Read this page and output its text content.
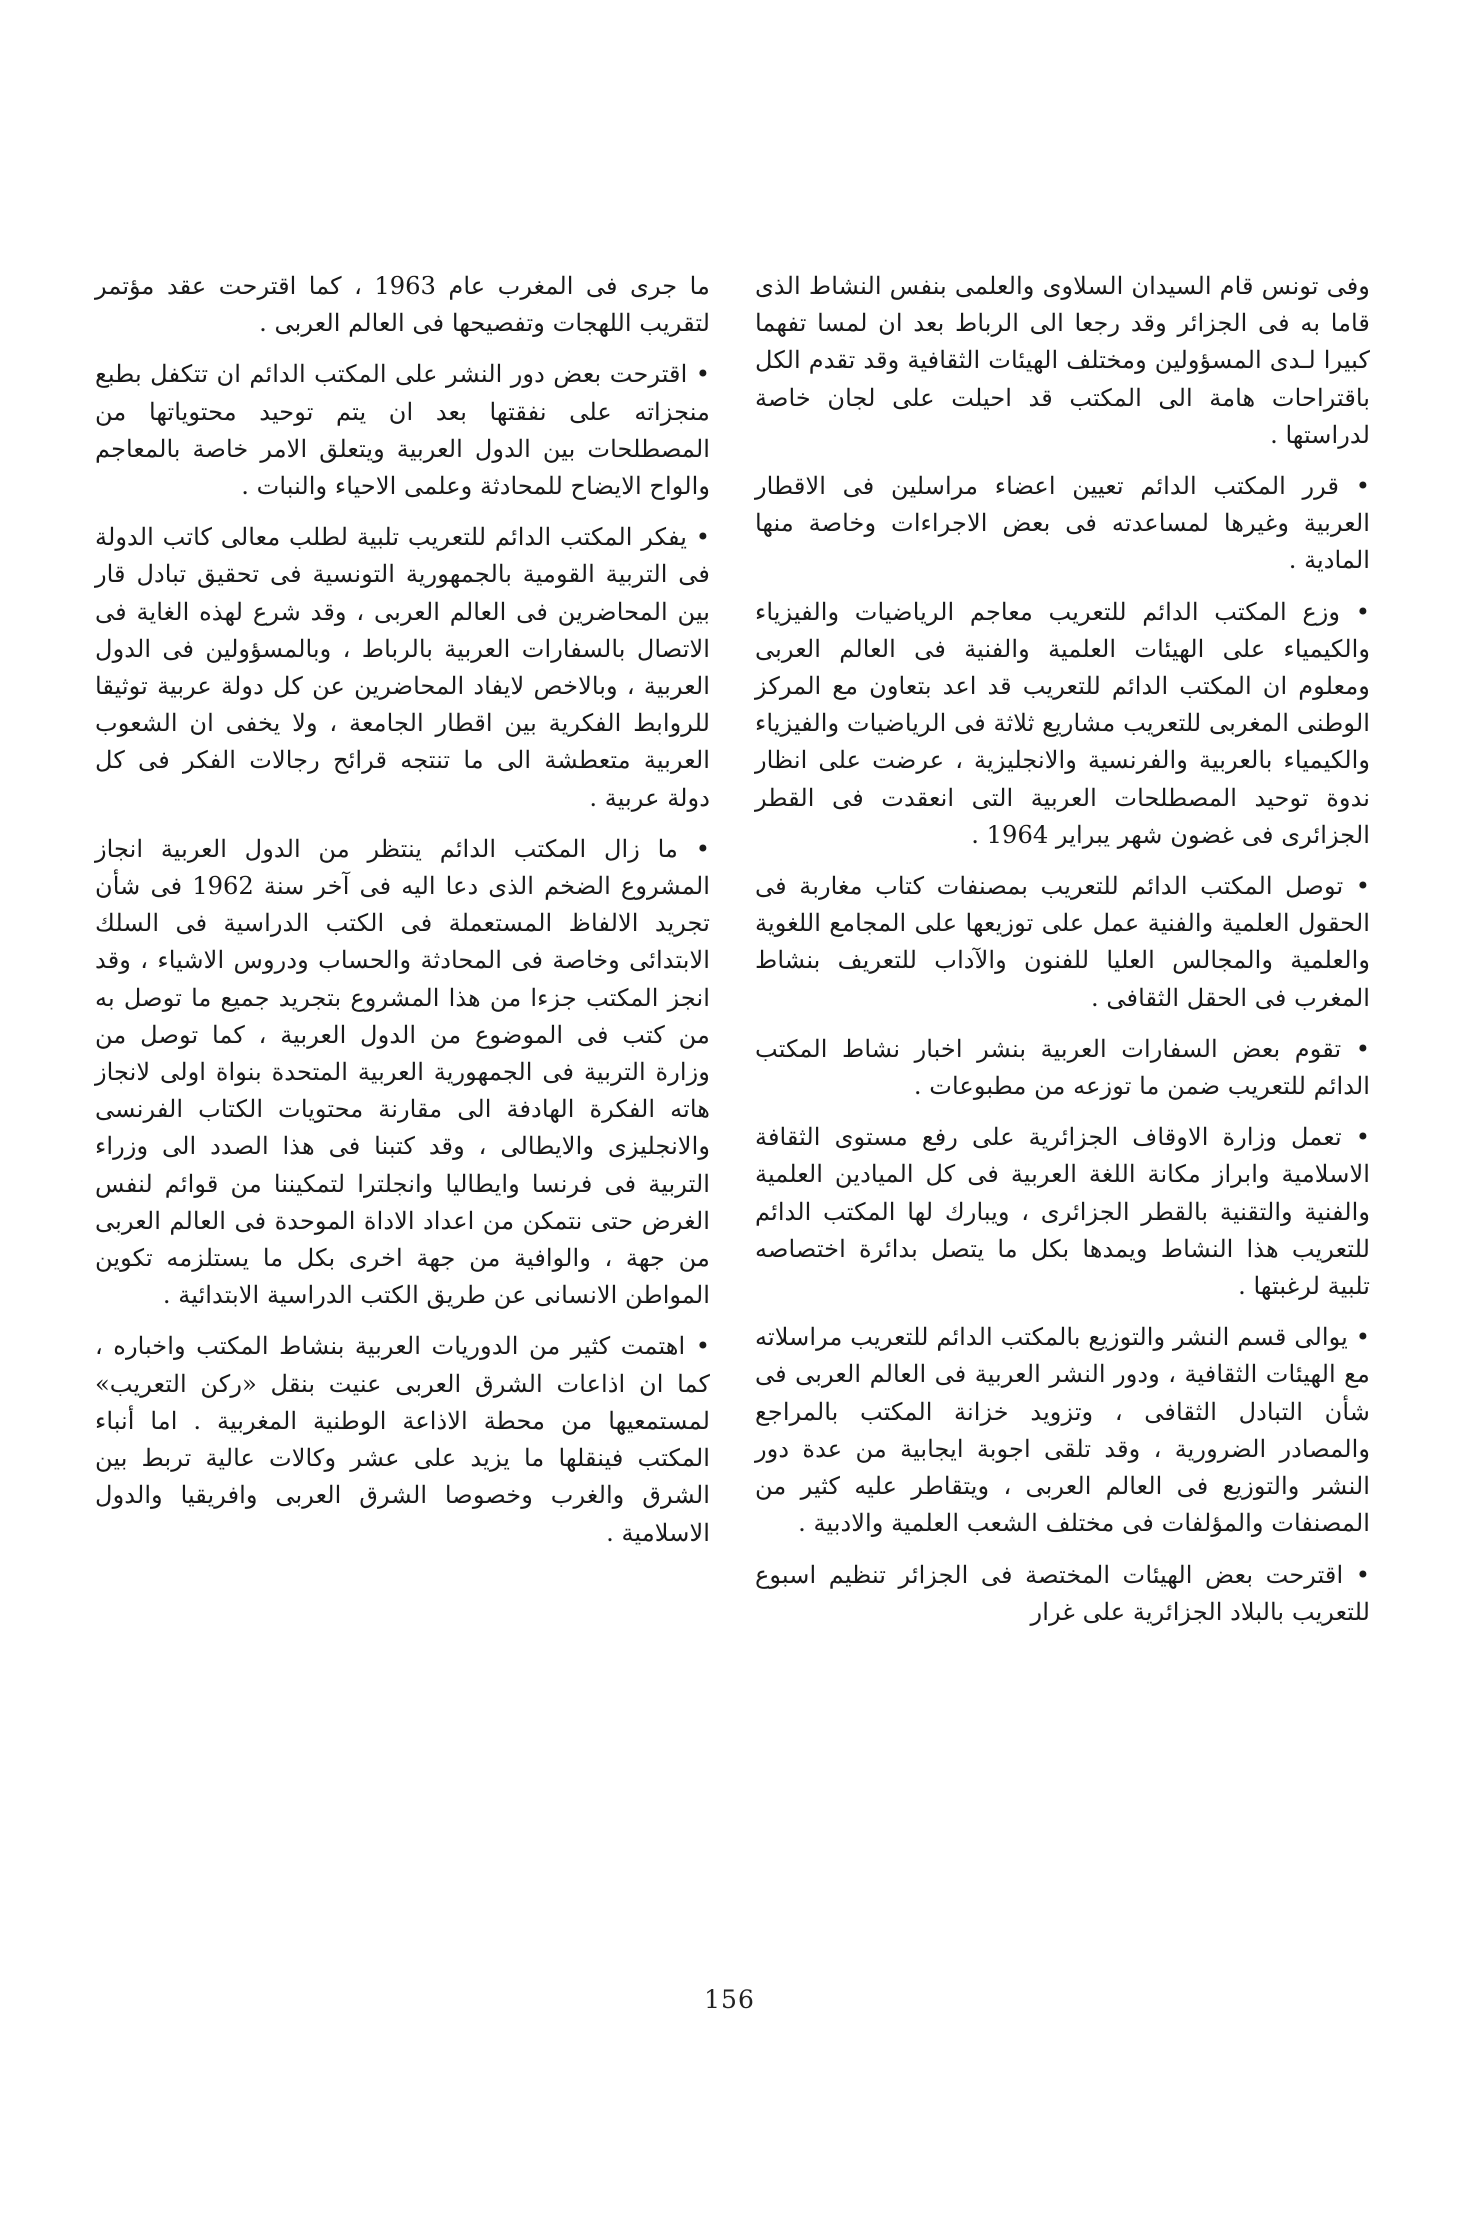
وفى تونس قام السيدان السلاوى والعلمى بنفس النشاط الذى قاما به فى الجزائر وقد رجعا الى الرباط بعد ان لمسا تفهما كبيرا لـدى المسؤولين ومختلف الهيئات الثقافية وقد تقدم الكل باقتراحات هامة الى المكتب قد احيلت على لجان خاصة لدراستها .

• قرر المكتب الدائم تعيين اعضاء مراسلين فى الاقطار العربية وغيرها لمساعدته فى بعض الاجراءات وخاصة منها المادية .

• وزع المكتب الدائم للتعريب معاجم الرياضيات والفيزياء والكيمياء على الهيئات العلمية والفنية فى العالم العربى ومعلوم ان المكتب الدائم للتعريب قد اعد بتعاون مع المركز الوطنى المغربى للتعريب مشاريع ثلاثة فى الرياضيات والفيزياء والكيمياء بالعربية والفرنسية والانجليزية ، عرضت على انظار ندوة توحيد المصطلحات العربية التى انعقدت فى القطر الجزائرى فى غضون شهر يبراير 1964 .

• توصل المكتب الدائم للتعريب بمصنفات كتاب مغاربة فى الحقول العلمية والفنية عمل على توزيعها على المجامع اللغوية والعلمية والمجالس العليا للفنون والآداب للتعريف بنشاط المغرب فى الحقل الثقافى .

• تقوم بعض السفارات العربية بنشر اخبار نشاط المكتب الدائم للتعريب ضمن ما توزعه من مطبوعات .

• تعمل وزارة الاوقاف الجزائرية على رفع مستوى الثقافة الاسلامية وابراز مكانة اللغة العربية فى كل الميادين العلمية والفنية والتقنية بالقطر الجزائرى ، ويبارك لها المكتب الدائم للتعريب هذا النشاط ويمدها بكل ما يتصل بدائرة اختصاصه تلبية لرغبتها .

• يوالى قسم النشر والتوزيع بالمكتب الدائم للتعريب مراسلاته مع الهيئات الثقافية ، ودور النشر العربية فى العالم العربى فى شأن التبادل الثقافى ، وتزويد خزانة المكتب بالمراجع والمصادر الضرورية ، وقد تلقى اجوبة ايجابية من عدة دور النشر والتوزيع فى العالم العربى ، ويتقاطر عليه كثير من المصنفات والمؤلفات فى مختلف الشعب العلمية والادبية .

• اقترحت بعض الهيئات المختصة فى الجزائر تنظيم اسبوع للتعريب بالبلاد الجزائرية على غرار

ما جرى فى المغرب عام 1963 ، كما اقترحت عقد مؤتمر لتقريب اللهجات وتفصيحها فى العالم العربى .

• اقترحت بعض دور النشر على المكتب الدائم ان تتكفل بطبع منجزاته على نفقتها بعد ان يتم توحيد محتوياتها من المصطلحات بين الدول العربية ويتعلق الامر خاصة بالمعاجم والواح الايضاح للمحادثة وعلمى الاحياء والنبات .

• يفكر المكتب الدائم للتعريب تلبية لطلب معالى كاتب الدولة فى التربية القومية بالجمهورية التونسية فى تحقيق تبادل قار بين المحاضرين فى العالم العربى ، وقد شرع لهذه الغاية فى الاتصال بالسفارات العربية بالرباط ، وبالمسؤولين فى الدول العربية ، وبالاخص لايفاد المحاضرين عن كل دولة عربية توثيقا للروابط الفكرية بين اقطار الجامعة ، ولا يخفى ان الشعوب العربية متعطشة الى ما تنتجه قرائح رجالات الفكر فى كل دولة عربية .

• ما زال المكتب الدائم ينتظر من الدول العربية انجاز المشروع الضخم الذى دعا اليه فى آخر سنة 1962 فى شأن تجريد الالفاظ المستعملة فى الكتب الدراسية فى السلك الابتدائى وخاصة فى المحادثة والحساب ودروس الاشياء ، وقد انجز المكتب جزءا من هذا المشروع بتجريد جميع ما توصل به من كتب فى الموضوع من الدول العربية ، كما توصل من وزارة التربية فى الجمهورية العربية المتحدة بنواة اولى لانجاز هاته الفكرة الهادفة الى مقارنة محتويات الكتاب الفرنسى والانجليزى والايطالى ، وقد كتبنا فى هذا الصدد الى وزراء التربية فى فرنسا وايطاليا وانجلترا لتمكيننا من قوائم لنفس الغرض حتى نتمكن من اعداد الاداة الموحدة فى العالم العربى من جهة ، والوافية من جهة اخرى بكل ما يستلزمه تكوين المواطن الانسانى عن طريق الكتب الدراسية الابتدائية .

• اهتمت كثير من الدوريات العربية بنشاط المكتب واخباره ، كما ان اذاعات الشرق العربى عنيت بنقل «ركن التعريب» لمستمعيها من محطة الاذاعة الوطنية المغربية . اما أنباء المكتب فينقلها ما يزيد على عشر وكالات عالية تربط بين الشرق والغرب وخصوصا الشرق العربى وافريقيا والدول الاسلامية .

156
